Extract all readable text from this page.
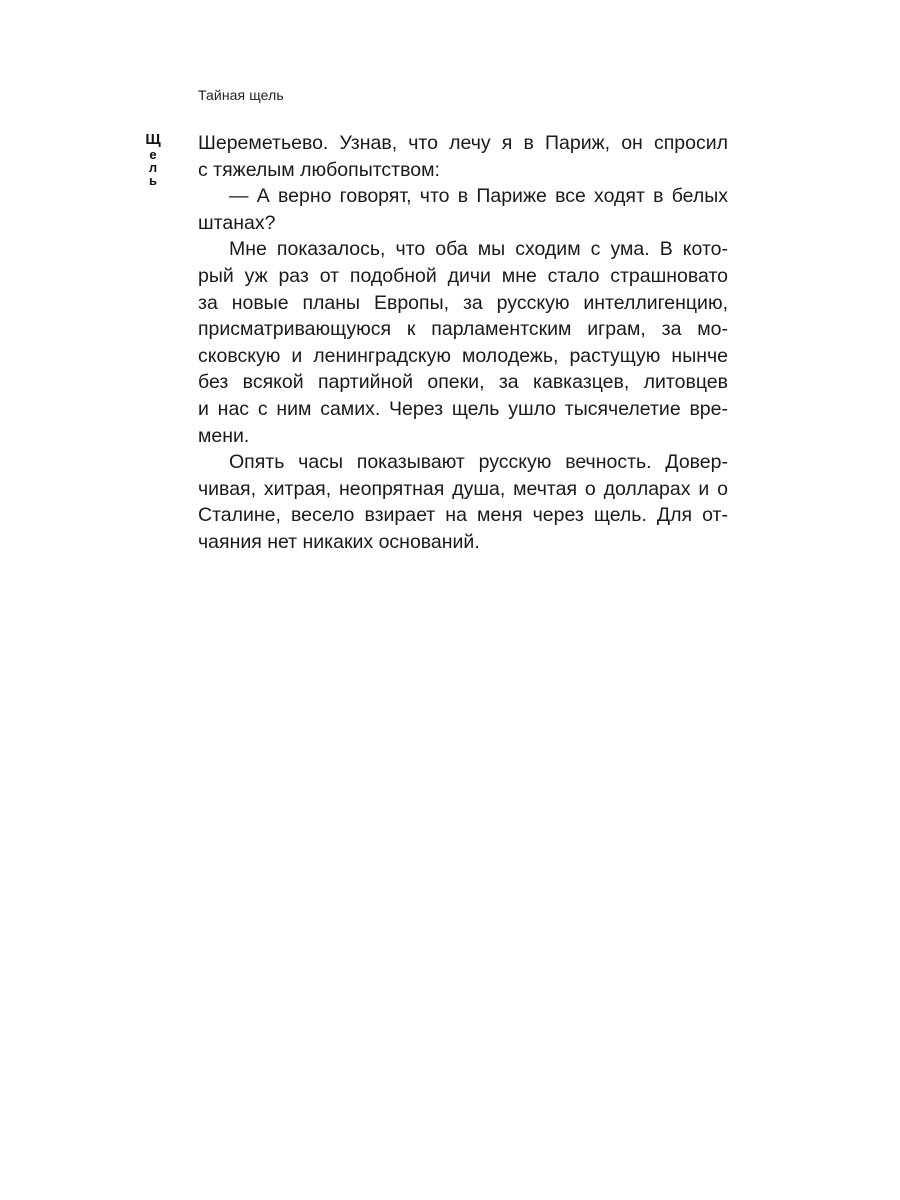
Тайная щель
Щ
е
л
ь
Шереметьево. Узнав, что лечу я в Париж, он спросил
с тяжелым любопытством:
— А верно говорят, что в Париже все ходят в белых
штанах?
Мне показалось, что оба мы сходим с ума. В кото-
рый уж раз от подобной дичи мне стало страшновато
за новые планы Европы, за русскую интеллигенцию,
присматривающуюся к парламентским играм, за мо-
сковскую и ленинградскую молодежь, растущую нынче
без всякой партийной опеки, за кавказцев, литовцев
и нас с ним самих. Через щель ушло тысячелетие вре-
мени.
Опять часы показывают русскую вечность. Довер-
чивая, хитрая, неопрятная душа, мечтая о долларах и о
Сталине, весело взирает на меня через щель. Для от-
чаяния нет никаких оснований.
